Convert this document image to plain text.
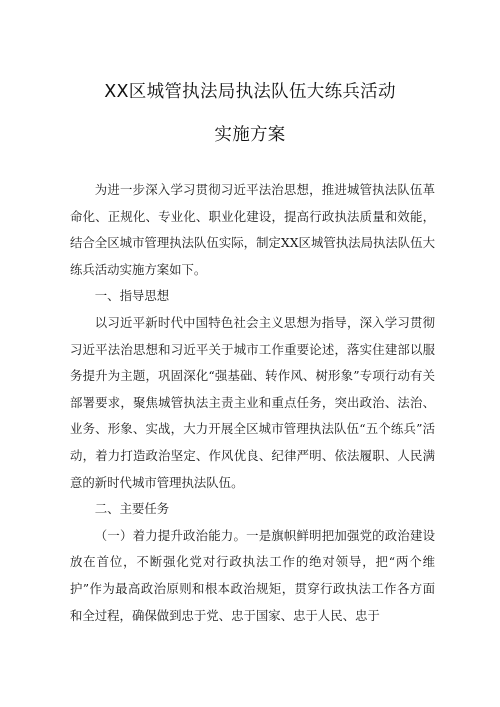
XX区城管执法局执法队伍大练兵活动
实施方案

为进一步深入学习贯彻习近平法治思想，推进城管执法队伍革命化、正规化、专业化、职业化建设，提高行政执法质量和效能，结合全区城市管理执法队伍实际，制定XX区城管执法局执法队伍大练兵活动实施方案如下。

一、指导思想

以习近平新时代中国特色社会主义思想为指导，深入学习贯彻习近平法治思想和习近平关于城市工作重要论述，落实住建部以服务提升为主题，巩固深化“强基础、转作风、树形象”专项行动有关部署要求，聚焦城管执法主责主业和重点任务，突出政治、法治、业务、形象、实战，大力开展全区城市管理执法队伍“五个练兵”活动，着力打造政治坚定、作风优良、纪律严明、依法履职、人民满意的新时代城市管理执法队伍。

二、主要任务

（一）着力提升政治能力。一是旗帜鲜明把加强党的政治建设放在首位，不断强化党对行政执法工作的绝对领导，把“两个维护”作为最高政治原则和根本政治规矩，贯穿行政执法工作各方面和全过程，确保做到忠于党、忠于国家、忠于人民、忠于
